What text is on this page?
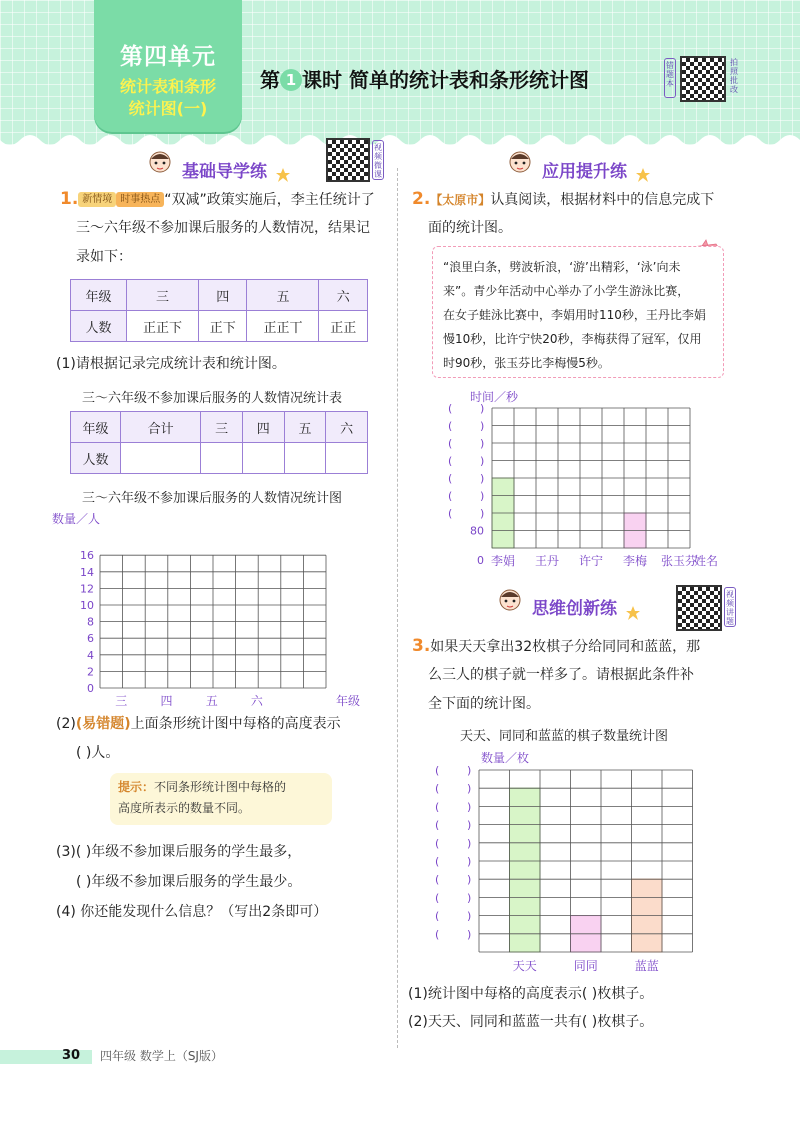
第四单元
统计表和条形
统计图(一)
第 1 课时 简单的统计表和条形统计图
错题本
拍照批改
基础导学练
视频微课
1. 新情境 时事热点 “双减”政策实施后，李主任统计了
三～六年级不参加课后服务的人数情况，结果记
录如下：
年级	三	四	五	六
人数	正正下	正下	正正丅	正正
(1)请根据记录完成统计表和统计图。
三～六年级不参加课后服务的人数情况统计表
年级	合计	三	四	五	六
人数					
三～六年级不参加课后服务的人数情况统计图
数量／人
0
2
4
6
8
10
12
14
16
三	四	五	六	年级
(2)(易错题)上面条形统计图中每格的高度表示
( )人。
提示：不同条形统计图中每格的
高度所表示的数量不同。
(3)( )年级不参加课后服务的学生最多，
( )年级不参加课后服务的学生最少。
(4) 你还能发现什么信息？（写出2条即可）
应用提升练
2.【太原市】认真阅读，根据材料中的信息完成下
面的统计图。
“浪里白条，劈波斩浪，‘游’出精彩，‘泳’向未
来”。青少年活动中心举办了小学生游泳比赛，
在女子蛙泳比赛中，李娟用时110秒，王丹比李娟
慢10秒，比许宁快20秒，李梅获得了冠军，仅用
时90秒，张玉芬比李梅慢5秒。
时间／秒
(	)
(	)
(	)
(	)
(	)
(	)
(	)
80
0 李娟 王丹 许宁 李梅 张玉芬
姓名
思维创新练
视频讲题
3.如果天天拿出32枚棋子分给同同和蓝蓝，那
么三人的棋子就一样多了。请根据此条件补
全下面的统计图。
天天、同同和蓝蓝的棋子数量统计图
数量／枚
(	)
(	)
(	)
(	)
(	)
(	)
(	)
(	)
(	)
(	)
天天	同同	蓝蓝
(1)统计图中每格的高度表示( )枚棋子。
(2)天天、同同和蓝蓝一共有( )枚棋子。
30 四年级 数学上（SJ版）
